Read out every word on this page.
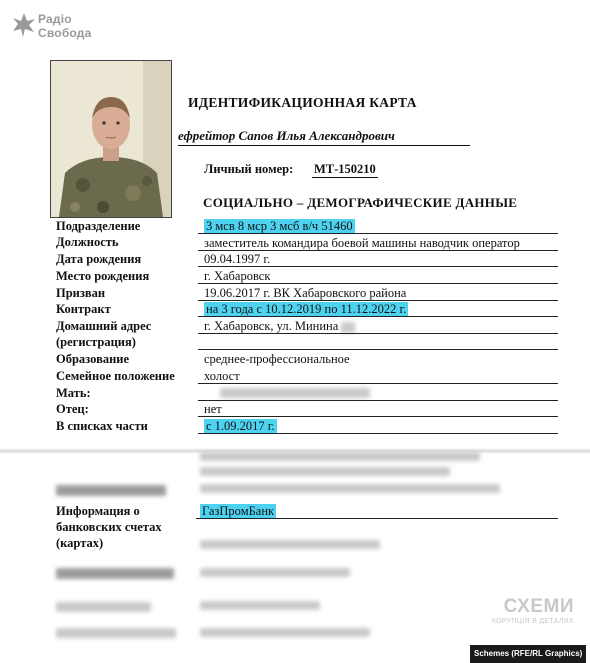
Радіо
Свобода
ИДЕНТИФИКАЦИОННАЯ КАРТА
ефрейтор Сапов Илья Александрович
Личный номер: МТ-150210
СОЦИАЛЬНО – ДЕМОГРАФИЧЕСКИЕ ДАННЫЕ
Подразделение
Должность
Дата рождения
Место рождения
Призван
Контракт
Домашний адрес
(регистрация)
Образование
Семейное положение
Мать:
Отец:
В списках части
3 мсв 8 мср 3 мсб в/ч 51460
заместитель командира боевой машины наводчик оператор
09.04.1997 г.
г. Хабаровск
19.06.2017 г. ВК Хабаровского района
на 3 года с 10.12.2019 по 11.12.2022 г.
г. Хабаровск, ул. Минина
среднее-профессиональное
холост
нет
с 1.09.2017 г.
Информация о
банковских счетах
(картах)
ГазПромБанк
СХЕМИ
КОРУПЦІЯ В ДЕТАЛЯХ
Schemes (RFE/RL Graphics)
